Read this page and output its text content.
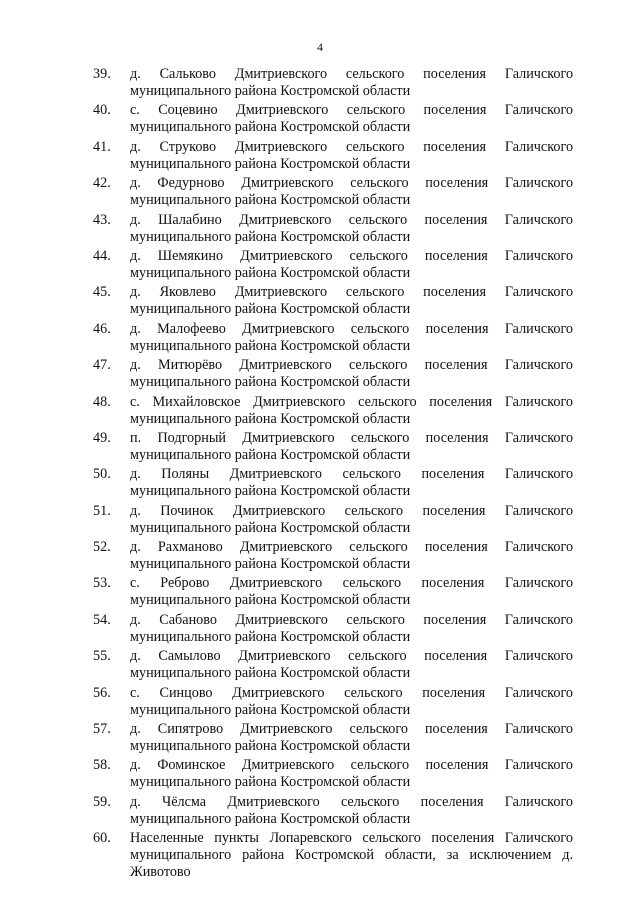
4
39.	д. Сальково Дмитриевского сельского поселения Галичского
муниципального района Костромской области
40.	с. Соцевино Дмитриевского сельского поселения Галичского
муниципального района Костромской области
41.	д. Струково Дмитриевского сельского поселения Галичского
муниципального района Костромской области
42.	д. Федурново Дмитриевского сельского поселения Галичского
муниципального района Костромской области
43.	д. Шалабино Дмитриевского сельского поселения Галичского
муниципального района Костромской области
44.	д. Шемякино Дмитриевского сельского поселения Галичского
муниципального района Костромской области
45.	д. Яковлево Дмитриевского сельского поселения Галичского
муниципального района Костромской области
46.	д. Малофеево Дмитриевского сельского поселения Галичского
муниципального района Костромской области
47.	д. Митюрёво Дмитриевского сельского поселения Галичского
муниципального района Костромской области
48.	с. Михайловское Дмитриевского сельского поселения Галичского
муниципального района Костромской области
49.	п. Подгорный Дмитриевского сельского поселения Галичского
муниципального района Костромской области
50.	д. Поляны Дмитриевского сельского поселения Галичского
муниципального района Костромской области
51.	д. Починок Дмитриевского сельского поселения Галичского
муниципального района Костромской области
52.	д. Рахманово Дмитриевского сельского поселения Галичского
муниципального района Костромской области
53.	с. Реброво Дмитриевского сельского поселения Галичского
муниципального района Костромской области
54.	д. Сабаново Дмитриевского сельского поселения Галичского
муниципального района Костромской области
55.	д. Самылово Дмитриевского сельского поселения Галичского
муниципального района Костромской области
56.	с. Синцово Дмитриевского сельского поселения Галичского
муниципального района Костромской области
57.	д. Сипятрово Дмитриевского сельского поселения Галичского
муниципального района Костромской области
58.	д. Фоминское Дмитриевского сельского поселения Галичского
муниципального района Костромской области
59.	д. Чёлсма Дмитриевского сельского поселения Галичского
муниципального района Костромской области
60.	Населенные пункты Лопаревского сельского поселения Галичского муниципального района Костромской области, за исключением д. Животово
